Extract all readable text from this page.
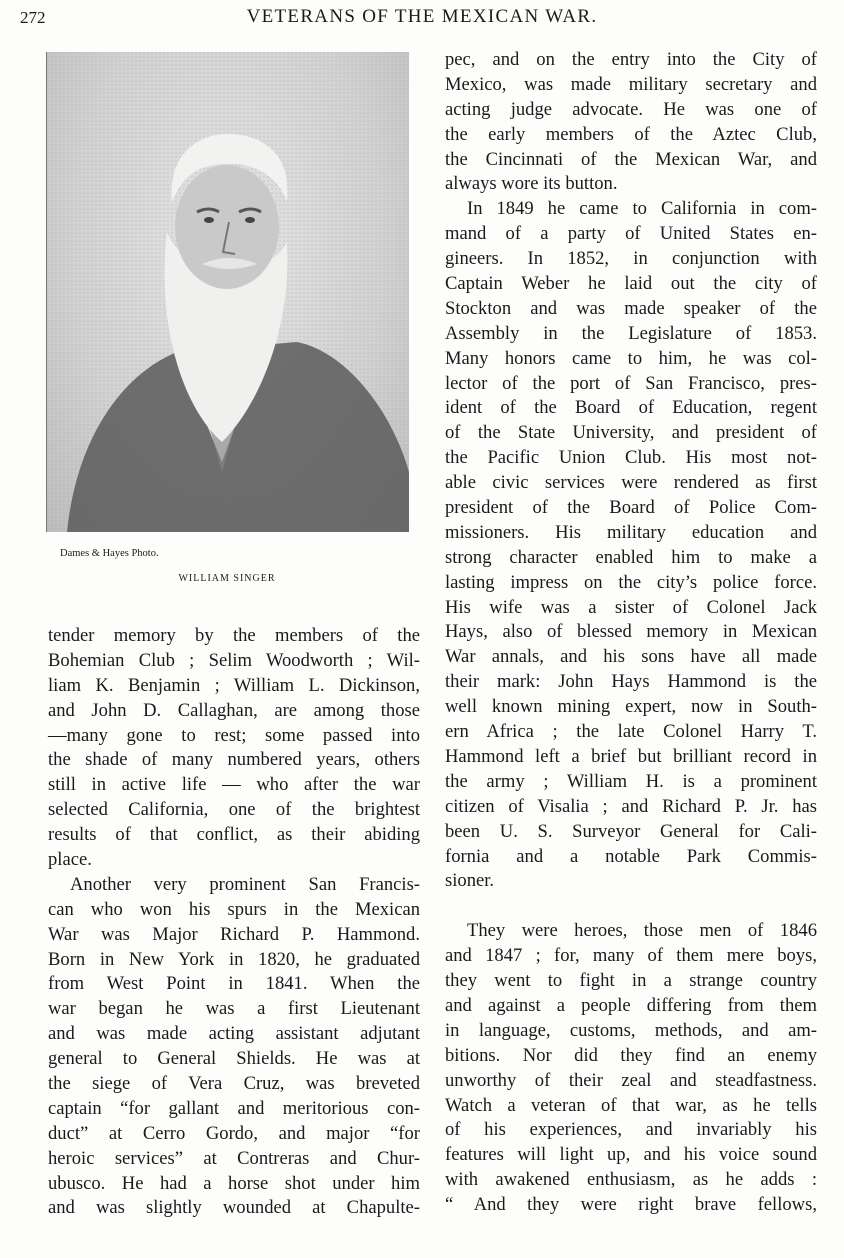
272	VETERANS OF THE MEXICAN WAR.
Dames & Hayes Photo.
WILLIAM SINGER
tender memory by the members of the
Bohemian Club ; Selim Woodworth ; Wil-
liam K. Benjamin ; William L. Dickinson,
and John D. Callaghan, are among those
—many gone to rest; some passed into
the shade of many numbered years, others
still in active life — who after the war
selected California, one of the brightest
results of that conflict, as their abiding
place.
Another very prominent San Francis-
can who won his spurs in the Mexican
War was Major Richard P. Hammond.
Born in New York in 1820, he graduated
from West Point in 1841. When the
war began he was a first Lieutenant
and was made acting assistant adjutant
general to General Shields. He was at
the siege of Vera Cruz, was breveted
captain “for gallant and meritorious con-
duct” at Cerro Gordo, and major “for
heroic services” at Contreras and Chur-
ubusco. He had a horse shot under him
and was slightly wounded at Chapulte-
pec, and on the entry into the City of
Mexico, was made military secretary and
acting judge advocate. He was one of
the early members of the Aztec Club,
the Cincinnati of the Mexican War, and
always wore its button.
In 1849 he came to California in com-
mand of a party of United States en-
gineers. In 1852, in conjunction with
Captain Weber he laid out the city of
Stockton and was made speaker of the
Assembly in the Legislature of 1853.
Many honors came to him, he was col-
lector of the port of San Francisco, pres-
ident of the Board of Education, regent
of the State University, and president of
the Pacific Union Club. His most not-
able civic services were rendered as first
president of the Board of Police Com-
missioners. His military education and
strong character enabled him to make a
lasting impress on the city’s police force.
His wife was a sister of Colonel Jack
Hays, also of blessed memory in Mexican
War annals, and his sons have all made
their mark: John Hays Hammond is the
well known mining expert, now in South-
ern Africa ; the late Colonel Harry T.
Hammond left a brief but brilliant record in
the army ; William H. is a prominent
citizen of Visalia ; and Richard P. Jr. has
been U. S. Surveyor General for Cali-
fornia and a notable Park Commis-
sioner.
They were heroes, those men of 1846
and 1847 ; for, many of them mere boys,
they went to fight in a strange country
and against a people differing from them
in language, customs, methods, and am-
bitions. Nor did they find an enemy
unworthy of their zeal and steadfastness.
Watch a veteran of that war, as he tells
of his experiences, and invariably his
features will light up, and his voice sound
with awakened enthusiasm, as he adds :
“ And they were right brave fellows,
